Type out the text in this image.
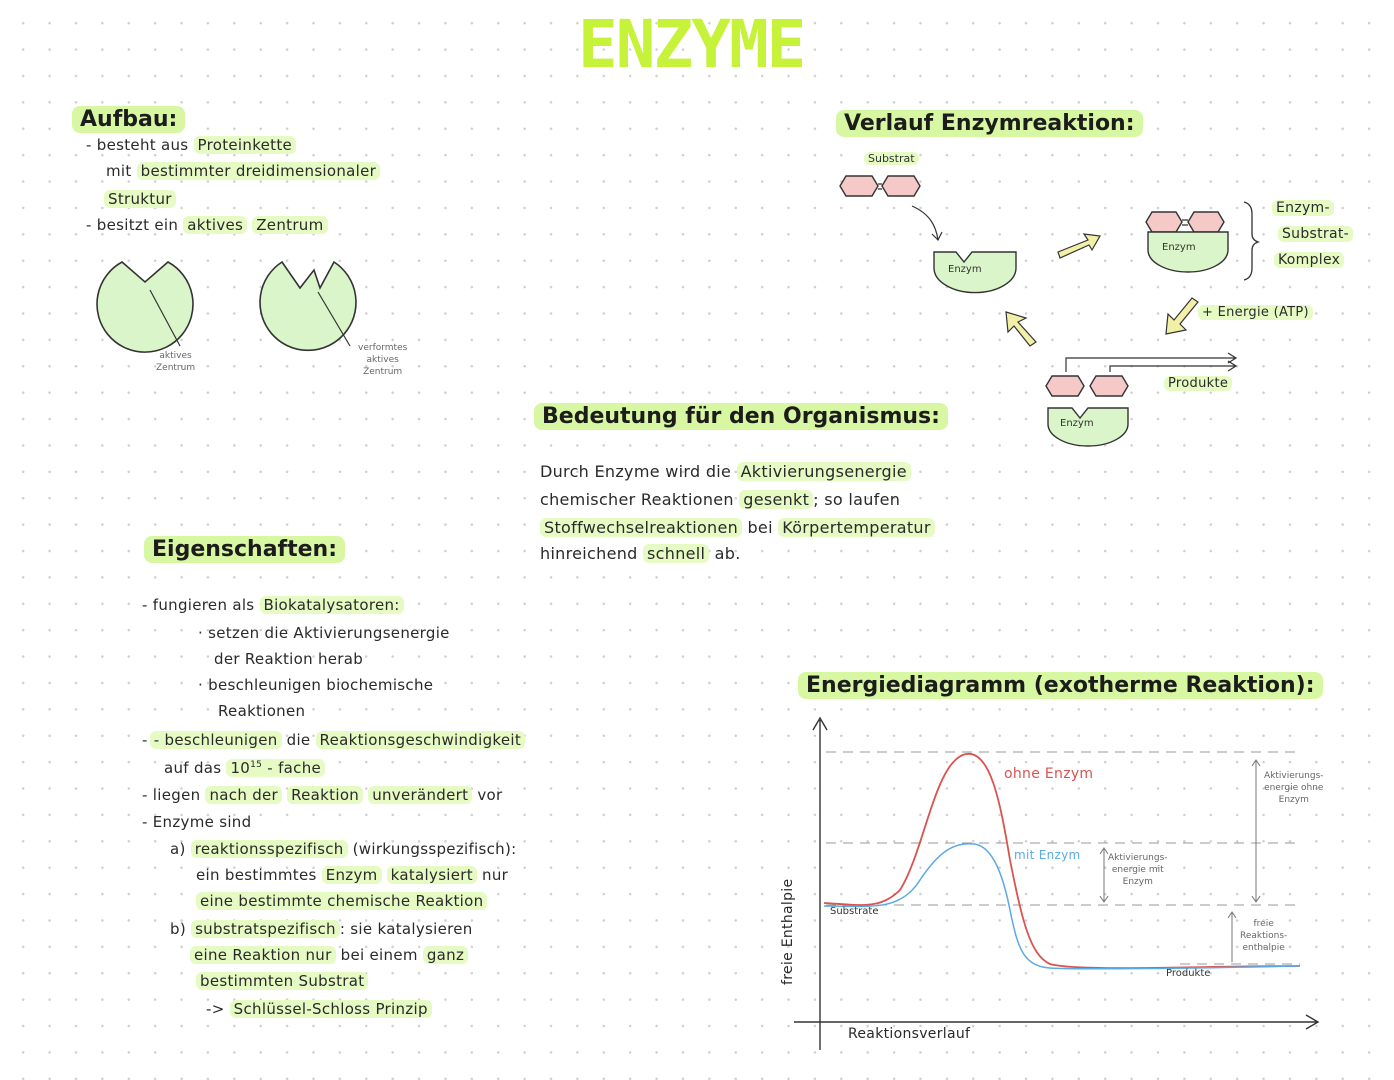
ENZYME
Aufbau:
- besteht aus Proteinkette
mit bestimmter dreidimensionaler
Struktur
- besitzt ein aktives Zentrum
aktives
Zentrum
verformtes
aktives
Zentrum
Verlauf Enzymreaktion:
Substrat
Enzym
Enzym
Enzym
Enzym-
Substrat-
Komplex
+ Energie (ATP)
Produkte
Bedeutung für den Organismus:
Durch Enzyme wird die Aktivierungsenergie
chemischer Reaktionen gesenkt ; so laufen
Stoffwechselreaktionen bei Körpertemperatur
hinreichend schnell ab.
Eigenschaften:
- fungieren als Biokatalysatoren:
· setzen die Aktivierungsenergie
der Reaktion herab
· beschleunigen biochemische
Reaktionen
- - beschleunigen die Reaktionsgeschwindigkeit
auf das $10^{15}$ - fache
- liegen nach der Reaktion unverändert vor
- Enzyme sind
a) reaktionsspezifisch (wirkungsspezifisch):
ein bestimmtes Enzym katalysiert nur
eine bestimmte chemische Reaktion
b) substratspezifisch : sie katalysieren
eine Reaktion nur bei einem ganz
bestimmten Substrat
-> Schlüssel-Schloss Prinzip
Energiediagramm (exotherme Reaktion):
freie Enthalpie
Reaktionsverlauf
Substrate
Produkte
ohne Enzym
mit Enzym	Aktivierungs-
energie mit
Enzym
Aktivierungs-
energie ohne
Enzym
freie
Reaktions-
enthalpie
